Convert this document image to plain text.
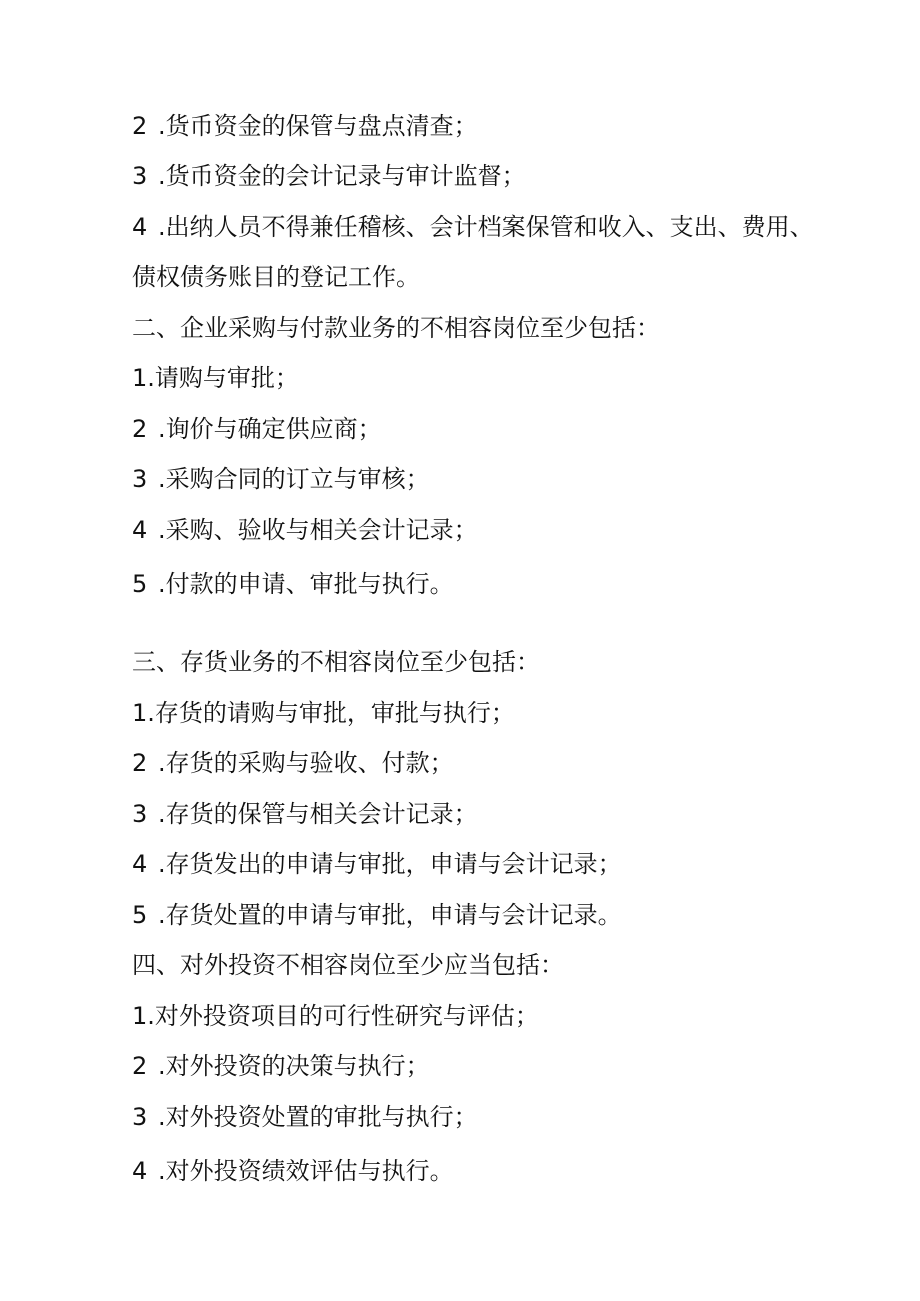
2 .货币资金的保管与盘点清查；
3 .货币资金的会计记录与审计监督；
4 .出纳人员不得兼任稽核、会计档案保管和收入、支出、费用、
债权债务账目的登记工作。
二、企业采购与付款业务的不相容岗位至少包括：
1.请购与审批；
2 .询价与确定供应商；
3 .采购合同的订立与审核；
4 .采购、验收与相关会计记录；
5 .付款的申请、审批与执行。
三、存货业务的不相容岗位至少包括：
1.存货的请购与审批，审批与执行；
2 .存货的采购与验收、付款；
3 .存货的保管与相关会计记录；
4 .存货发出的申请与审批，申请与会计记录；
5 .存货处置的申请与审批，申请与会计记录。
四、对外投资不相容岗位至少应当包括：
1.对外投资项目的可行性研究与评估；
2 .对外投资的决策与执行；
3 .对外投资处置的审批与执行；
4 .对外投资绩效评估与执行。
